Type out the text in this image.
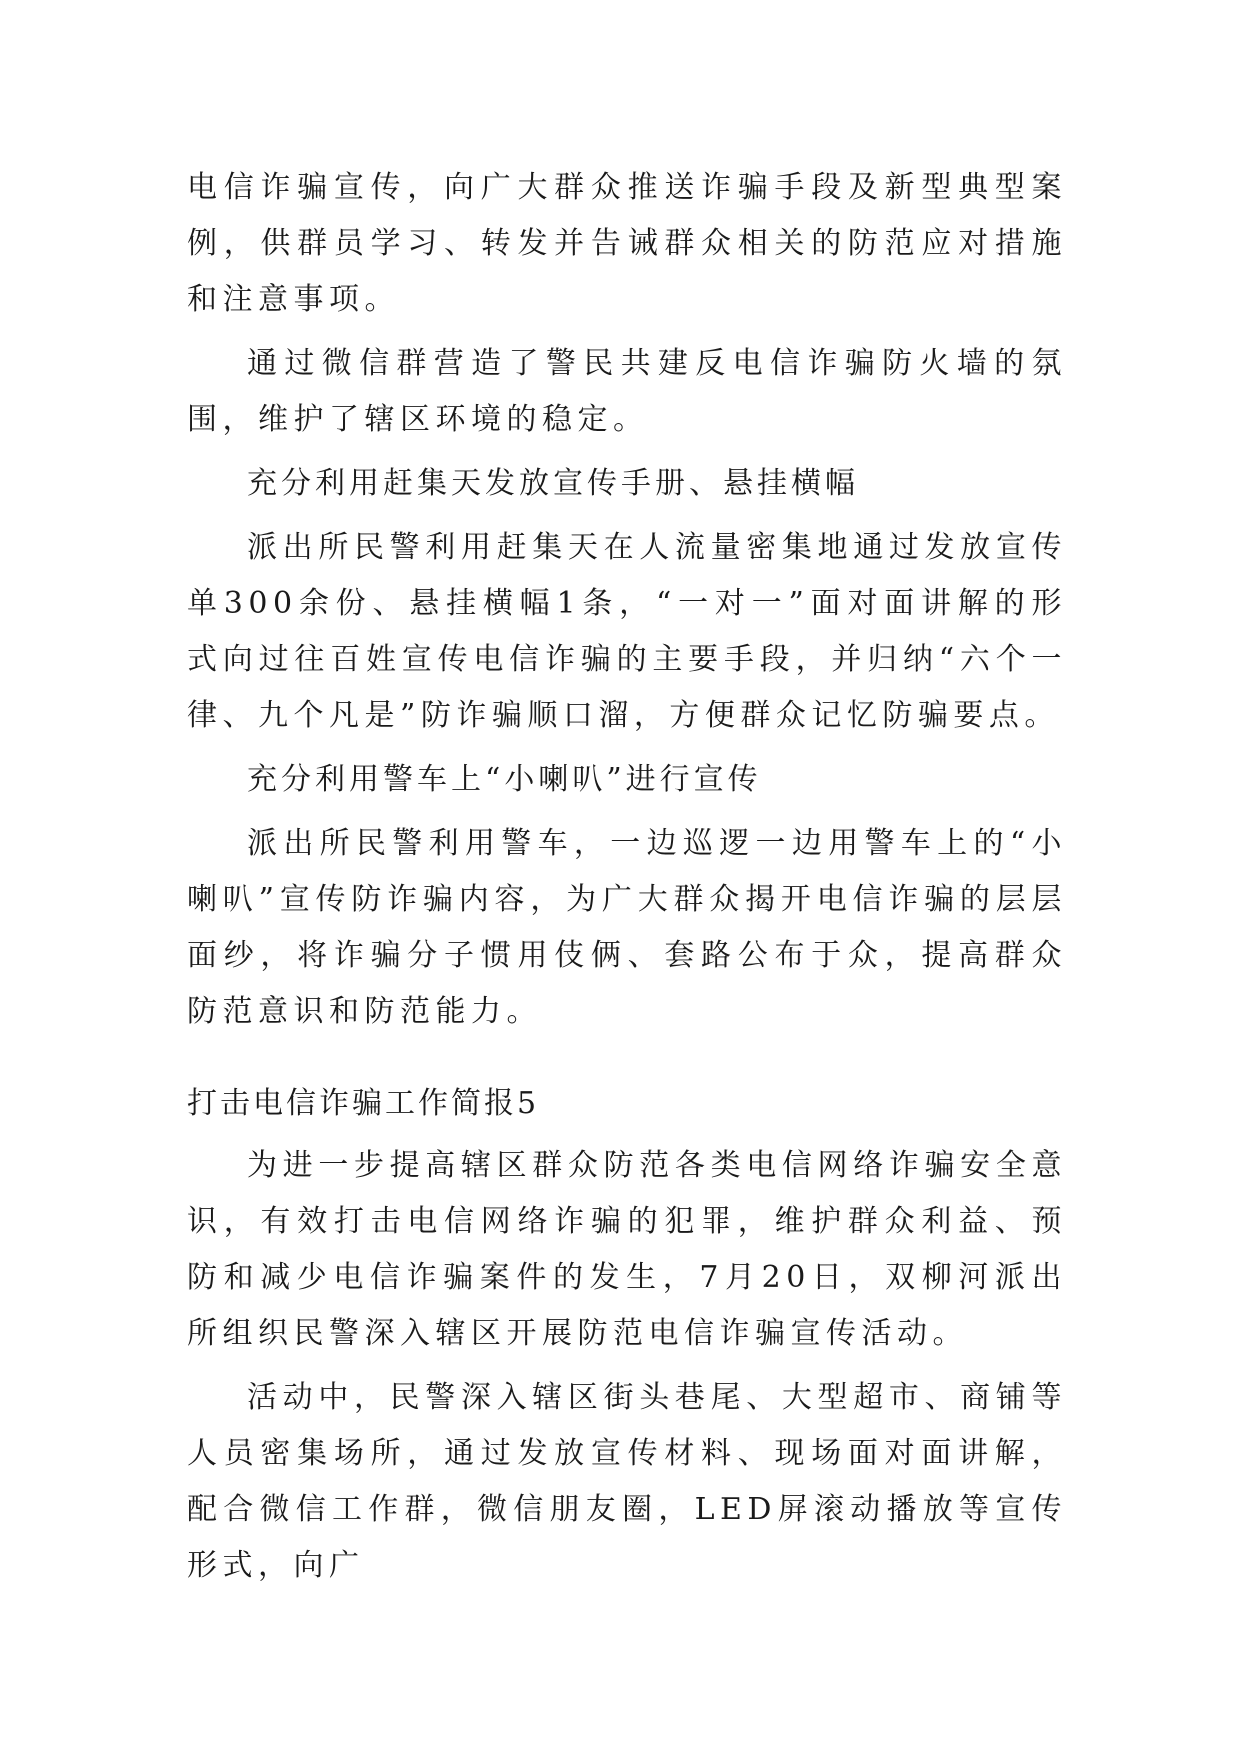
电信诈骗宣传，向广大群众推送诈骗手段及新型典型案例，供群员学习、转发并告诫群众相关的防范应对措施和注意事项。

通过微信群营造了警民共建反电信诈骗防火墙的氛围，维护了辖区环境的稳定。

充分利用赶集天发放宣传手册、悬挂横幅

派出所民警利用赶集天在人流量密集地通过发放宣传单300余份、悬挂横幅1条，“一对一”面对面讲解的形式向过往百姓宣传电信诈骗的主要手段，并归纳“六个一律、九个凡是”防诈骗顺口溜，方便群众记忆防骗要点。

充分利用警车上“小喇叭”进行宣传

派出所民警利用警车，一边巡逻一边用警车上的“小喇叭”宣传防诈骗内容，为广大群众揭开电信诈骗的层层面纱，将诈骗分子惯用伎俩、套路公布于众，提高群众防范意识和防范能力。

打击电信诈骗工作简报5

为进一步提高辖区群众防范各类电信网络诈骗安全意识，有效打击电信网络诈骗的犯罪，维护群众利益、预防和减少电信诈骗案件的发生，7月20日，双柳河派出所组织民警深入辖区开展防范电信诈骗宣传活动。

活动中，民警深入辖区街头巷尾、大型超市、商铺等人员密集场所，通过发放宣传材料、现场面对面讲解，配合微信工作群，微信朋友圈，LED屏滚动播放等宣传形式，向广
